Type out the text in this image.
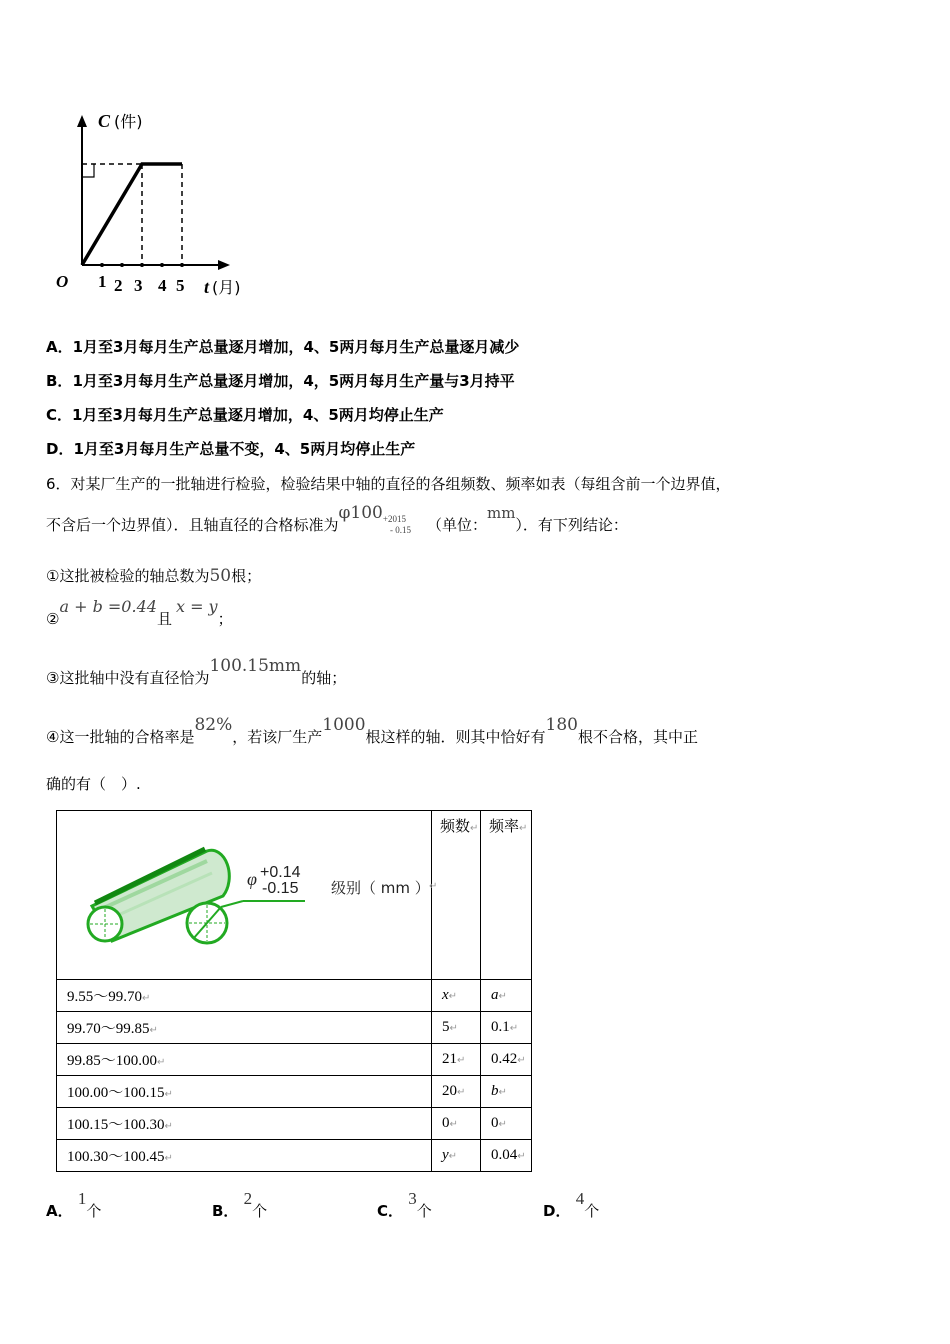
O 1 2 3 4 5
C (件)
t (月)
A．1月至3月每月生产总量逐月增加，4、5两月每月生产总量逐月减少
B．1月至3月每月生产总量逐月增加，4，5两月每月生产量与3月持平
C．1月至3月每月生产总量逐月增加，4、5两月均停止生产
D．1月至3月每月生产总量不变，4、5两月均停止生产
6．对某厂生产的一批轴进行检验，检验结果中轴的直径的各组频数、频率如表（每组含前一个边界值，
不含后一个边界值）．且轴直径的合格标准为$\varphi 100^{+2015}_{- 0.15}$ （单位：mm）．有下列结论：
①这批被检验的轴总数为50根；
②a + b =0.44且x = y；
③这批轴中没有直径恰为100.15mm的轴；
④这一批轴的合格率是82%，若该厂生产1000根这样的轴．则其中恰好有180根不合格，其中正
确的有（　）.
φ +0.14
-0.15 级别（ mm ） ↵	频数↵	频率↵
9.55～99.70↵	x↵	a↵
99.70～99.85↵	5↵	0.1↵
99.85～100.00↵	21↵	0.42↵
100.00～100.15↵	20↵	b↵
100.15～100.30↵	0↵	0↵
100.30～100.45↵	y↵	0.04↵
A． 1个	B． 2个	C． 3个	D． 4个
